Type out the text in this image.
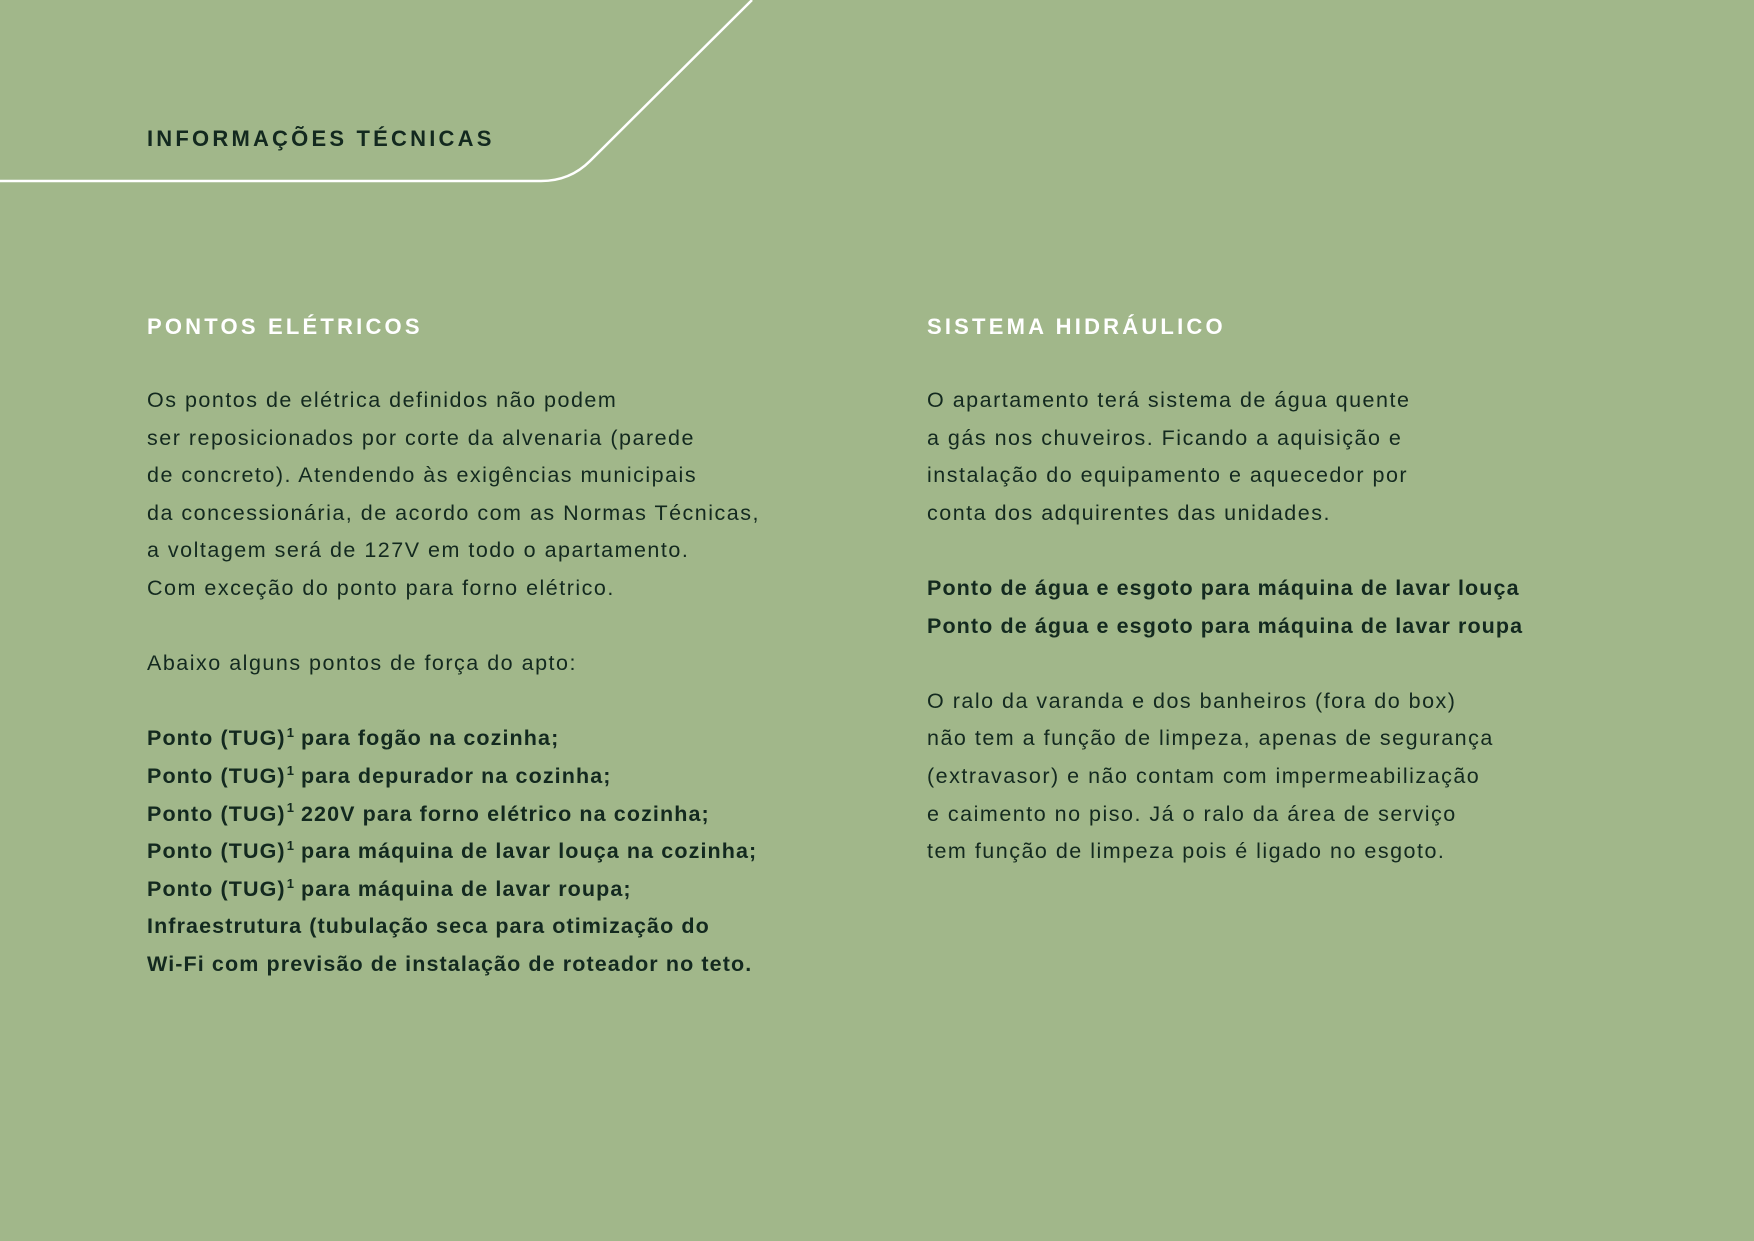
INFORMAÇÕES TÉCNICAS
PONTOS ELÉTRICOS

Os pontos de elétrica definidos não podem
ser reposicionados por corte da alvenaria (parede
de concreto). Atendendo às exigências municipais
da concessionária, de acordo com as Normas Técnicas,
a voltagem será de 127V em todo o apartamento.
Com exceção do ponto para forno elétrico.

Abaixo alguns pontos de força do apto:

Ponto (TUG)$^1$ para fogão na cozinha;
Ponto (TUG)$^1$ para depurador na cozinha;
Ponto (TUG)$^1$ 220V para forno elétrico na cozinha;
Ponto (TUG)$^1$ para máquina de lavar louça na cozinha;
Ponto (TUG)$^1$ para máquina de lavar roupa;
Infraestrutura (tubulação seca para otimização do
Wi-Fi com previsão de instalação de roteador no teto.

SISTEMA HIDRÁULICO

O apartamento terá sistema de água quente
a gás nos chuveiros. Ficando a aquisição e
instalação do equipamento e aquecedor por
conta dos adquirentes das unidades.

Ponto de água e esgoto para máquina de lavar louça
Ponto de água e esgoto para máquina de lavar roupa

O ralo da varanda e dos banheiros (fora do box)
não tem a função de limpeza, apenas de segurança
(extravasor) e não contam com impermeabilização
e caimento no piso. Já o ralo da área de serviço
tem função de limpeza pois é ligado no esgoto.
